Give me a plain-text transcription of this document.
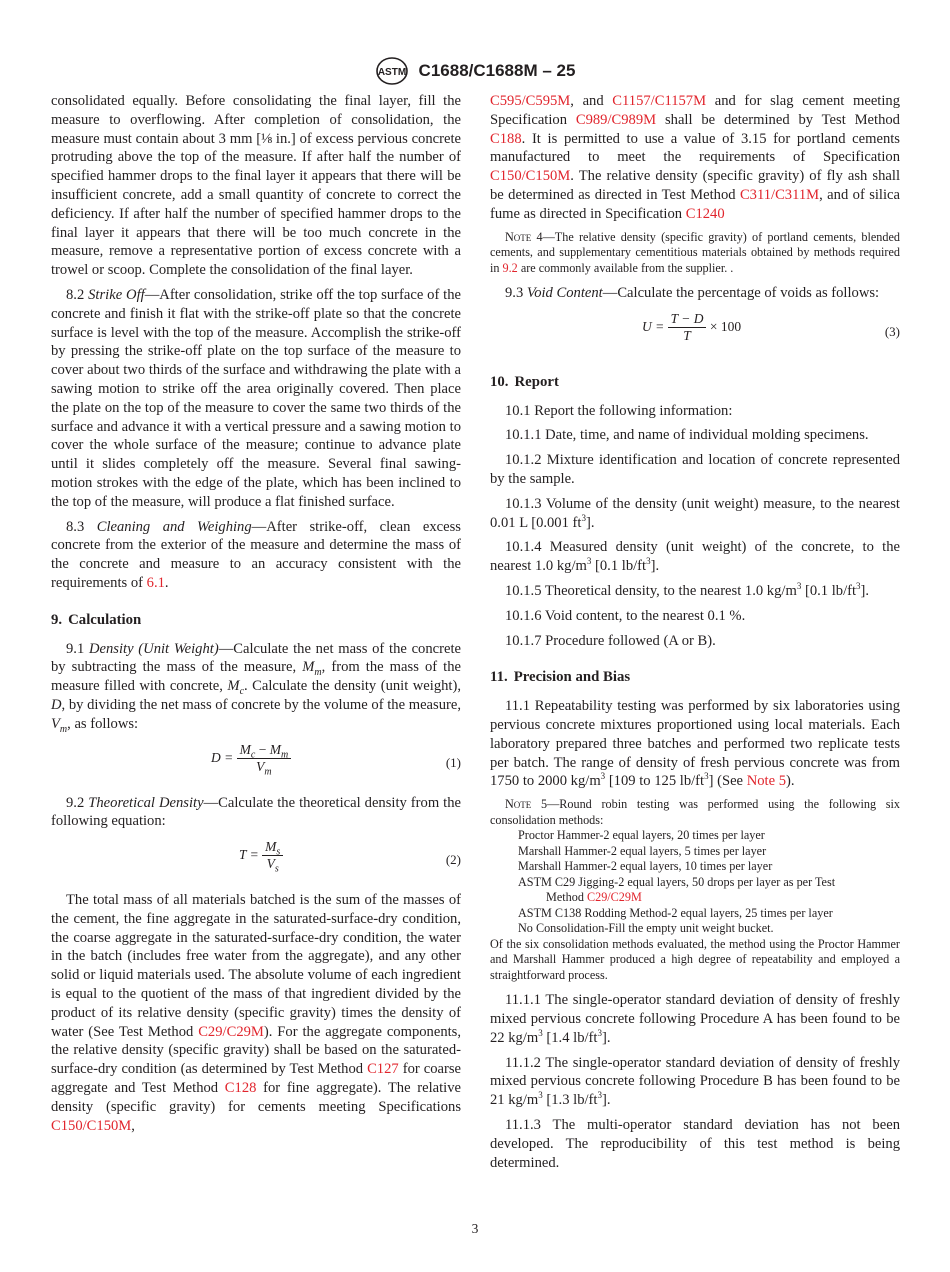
ASTM C1688/C1688M – 25

consolidated equally. Before consolidating the final layer, fill the measure to overflowing. After completion of consolidation, the measure must contain about 3 mm [⅛ in.] of excess pervious concrete protruding above the top of the measure. If after half the number of specified hammer drops to the final layer it appears that there will be insufficient concrete, add a small quantity of concrete to correct the deficiency. If after half the number of specified hammer drops to the final layer it appears that there will be too much concrete in the measure, remove a representative portion of excess concrete with a trowel or scoop. Complete the consolidation of the final layer.

8.2 Strike Off—After consolidation, strike off the top surface of the concrete and finish it flat with the strike-off plate so that the concrete surface is level with the top of the measure. Accomplish the strike-off by pressing the strike-off plate on the top surface of the measure to cover about two thirds of the surface and withdrawing the plate with a sawing motion to strike off the area originally covered. Then place the plate on the top of the measure to cover the same two thirds of the surface and advance it with a vertical pressure and a sawing motion to cover the whole surface of the measure; continue to advance plate until it slides completely off the measure. Several final sawing-motion strokes with the edge of the plate, which has been inclined to the top of the measure, will produce a flat finished surface.

8.3 Cleaning and Weighing—After strike-off, clean excess concrete from the exterior of the measure and determine the mass of the concrete and measure to an accuracy consistent with the requirements of 6.1.

9. Calculation

9.1 Density (Unit Weight)—Calculate the net mass of the concrete by subtracting the mass of the measure, $M_m$, from the mass of the measure filled with concrete, $M_c$. Calculate the density (unit weight), D, by dividing the net mass of concrete by the volume of the measure, $V_m$, as follows:

$D = \frac{M_c - M_m}{V_m}$	(1)

9.2 Theoretical Density—Calculate the theoretical density from the following equation:

$T = \frac{M_s}{V_s}$	(2)

The total mass of all materials batched is the sum of the masses of the cement, the fine aggregate in the saturated-surface-dry condition, the coarse aggregate in the saturated-surface-dry condition, the water in the batch (includes free water from the aggregate), and any other solid or liquid materials used. The absolute volume of each ingredient is equal to the quotient of the mass of that ingredient divided by the product of its relative density (specific gravity) times the density of water (See Test Method C29/C29M). For the aggregate components, the relative density (specific gravity) shall be based on the saturated-surface-dry condition (as determined by Test Method C127 for coarse aggregate and Test Method C128 for fine aggregate). The relative density (specific gravity) for cements meeting Specifications C150/C150M,

C595/C595M, and C1157/C1157M and for slag cement meeting Specification C989/C989M shall be determined by Test Method C188. It is permitted to use a value of 3.15 for portland cements manufactured to meet the requirements of Specification C150/C150M. The relative density (specific gravity) of fly ash shall be determined as directed in Test Method C311/C311M, and of silica fume as directed in Specification C1240

Note 4—The relative density (specific gravity) of portland cements, blended cements, and supplementary cementitious materials obtained by methods required in 9.2 are commonly available from the supplier. .

9.3 Void Content—Calculate the percentage of voids as follows:

$U = \frac{T - D}{T} \times 100$	(3)
10. Report

10.1 Report the following information:

10.1.1 Date, time, and name of individual molding specimens.

10.1.2 Mixture identification and location of concrete represented by the sample.

10.1.3 Volume of the density (unit weight) measure, to the nearest 0.01 L [0.001 $ft^3$].

10.1.4 Measured density (unit weight) of the concrete, to the nearest 1.0 $kg/m^3$ [0.1 $lb/ft^3$].

10.1.5 Theoretical density, to the nearest 1.0 $kg/m^3$ [0.1 $lb/ft^3$].

10.1.6 Void content, to the nearest 0.1 %.

10.1.7 Procedure followed (A or B).

11. Precision and Bias

11.1 Repeatability testing was performed by six laboratories using pervious concrete mixtures proportioned using local materials. Each laboratory prepared three batches and performed two replicate tests per batch. The range of density of fresh pervious concrete was from 1750 to 2000 $kg/m^3$ [109 to 125 $lb/ft^3$] (See Note 5).

Note 5—Round robin testing was performed using the following six consolidation methods:
Proctor Hammer-2 equal layers, 20 times per layer
Marshall Hammer-2 equal layers, 5 times per layer
Marshall Hammer-2 equal layers, 10 times per layer
ASTM C29 Jigging-2 equal layers, 50 drops per layer as per Test
Method C29/C29M
ASTM C138 Rodding Method-2 equal layers, 25 times per layer
No Consolidation-Fill the empty unit weight bucket.
Of the six consolidation methods evaluated, the method using the Proctor Hammer and Marshall Hammer produced a high degree of repeatability and employed a straightforward process.

11.1.1 The single-operator standard deviation of density of freshly mixed pervious concrete following Procedure A has been found to be 22 $kg/m^3$ [1.4 $lb/ft^3$].

11.1.2 The single-operator standard deviation of density of freshly mixed pervious concrete following Procedure B has been found to be 21 $kg/m^3$ [1.3 $lb/ft^3$].

11.1.3 The multi-operator standard deviation has not been developed. The reproducibility of this test method is being determined.

3
